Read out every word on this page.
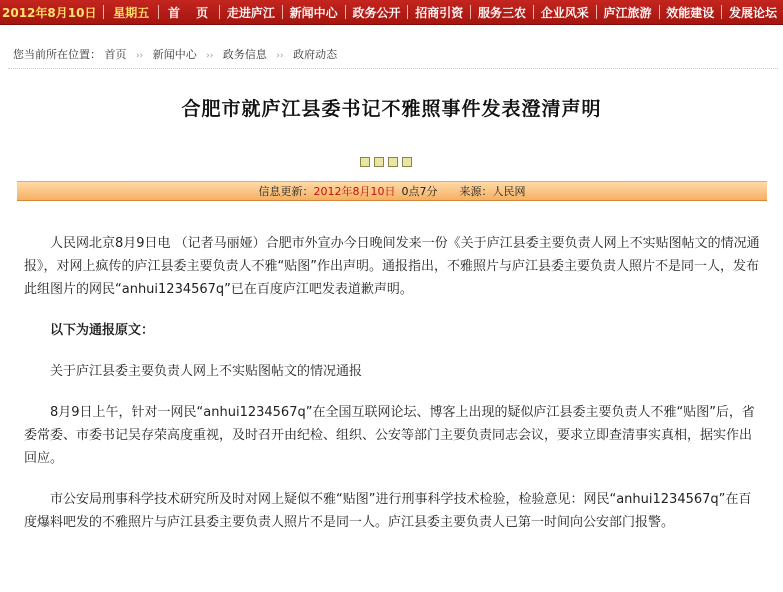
2012年8月10日	星期五	首 页	走进庐江	新闻中心	政务公开	招商引资	服务三农	企业风采	庐江旅游	效能建设	发展论坛
您当前所在位置： 首页 ›› 新闻中心 ›› 政务信息 ›› 政府动态
合肥市就庐江县委书记不雅照事件发表澄清声明
信息更新： 2012年8月10日 0点7分 来源： 人民网

人民网北京8月9日电 （记者马丽娅）合肥市外宣办今日晚间发来一份《关于庐江县委主要负责人网上不实贴图帖文的情况通报》，对网上疯传的庐江县委主要负责人不雅“贴图”作出声明。通报指出，不雅照片与庐江县委主要负责人照片不是同一人，发布此组图片的网民“anhui1234567q”已在百度庐江吧发表道歉声明。

以下为通报原文：

关于庐江县委主要负责人网上不实贴图帖文的情况通报

8月9日上午，针对一网民“anhui1234567q”在全国互联网论坛、博客上出现的疑似庐江县委主要负责人不雅“贴图”后，省委常委、市委书记吴存荣高度重视，及时召开由纪检、组织、公安等部门主要负责同志会议，要求立即查清事实真相，据实作出回应。

市公安局刑事科学技术研究所及时对网上疑似不雅“贴图”进行刑事科学技术检验，检验意见：网民“anhui1234567q”在百度爆料吧发的不雅照片与庐江县委主要负责人照片不是同一人。庐江县委主要负责人已第一时间向公安部门报警。
